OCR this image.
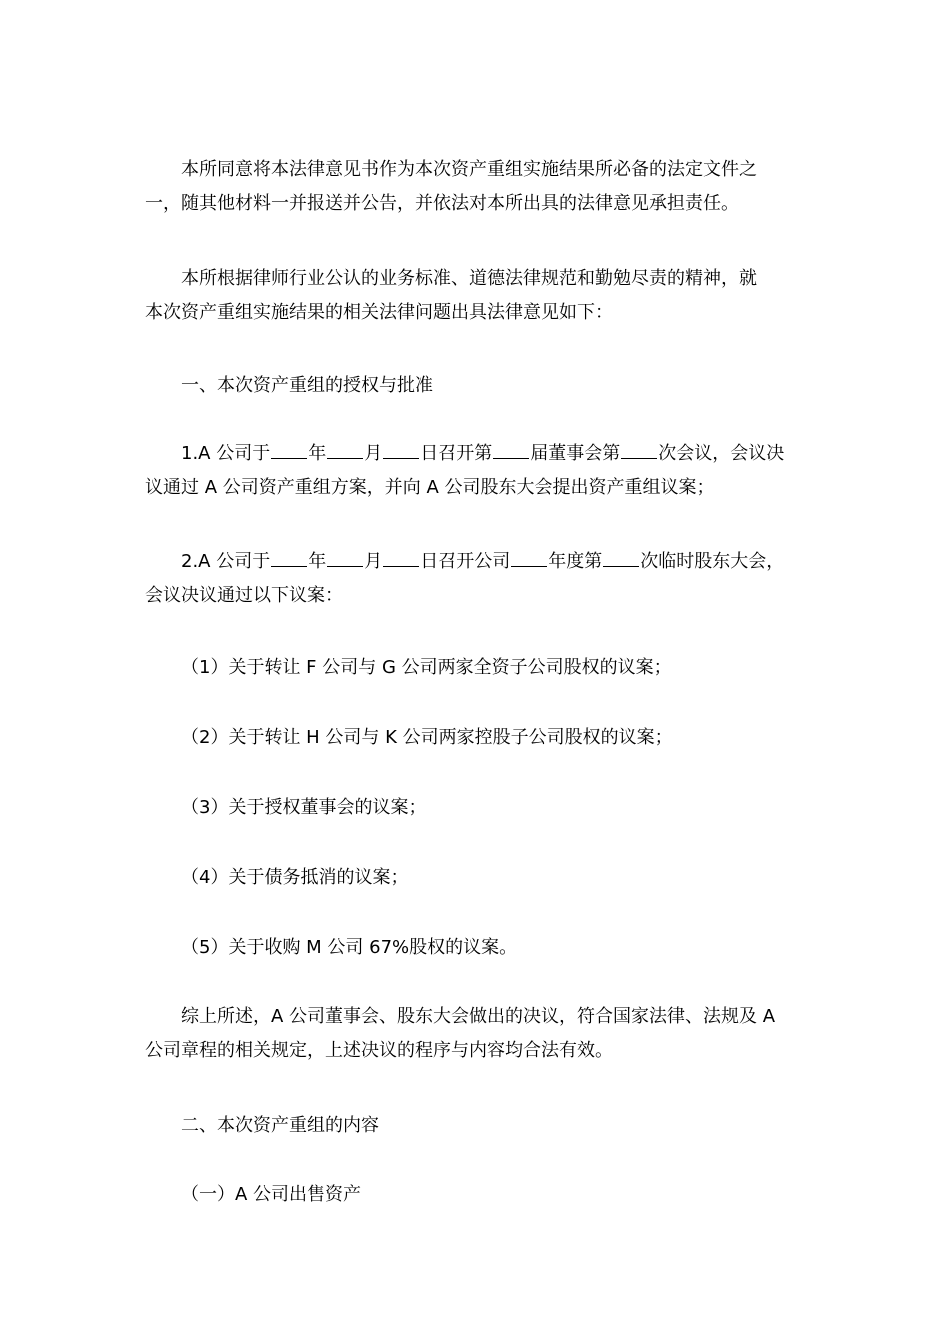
本所同意将本法律意见书作为本次资产重组实施结果所必备的法定文件之
一，随其他材料一并报送并公告，并依法对本所出具的法律意见承担责任。

本所根据律师行业公认的业务标准、道德法律规范和勤勉尽责的精神，就
本次资产重组实施结果的相关法律问题出具法律意见如下：

一、本次资产重组的授权与批准

1.A 公司于 年 月 日召开第 届董事会第 次会议，会议决
议通过 A 公司资产重组方案，并向 A 公司股东大会提出资产重组议案；

2.A 公司于 年 月 日召开公司 年度第 次临时股东大会，
会议决议通过以下议案：

（1）关于转让 F 公司与 G 公司两家全资子公司股权的议案；

（2）关于转让 H 公司与 K 公司两家控股子公司股权的议案；

（3）关于授权董事会的议案；

（4）关于债务抵消的议案；

（5）关于收购 M 公司 67%股权的议案。

综上所述，A 公司董事会、股东大会做出的决议，符合国家法律、法规及 A
公司章程的相关规定，上述决议的程序与内容均合法有效。

二、本次资产重组的内容

（一）A 公司出售资产
